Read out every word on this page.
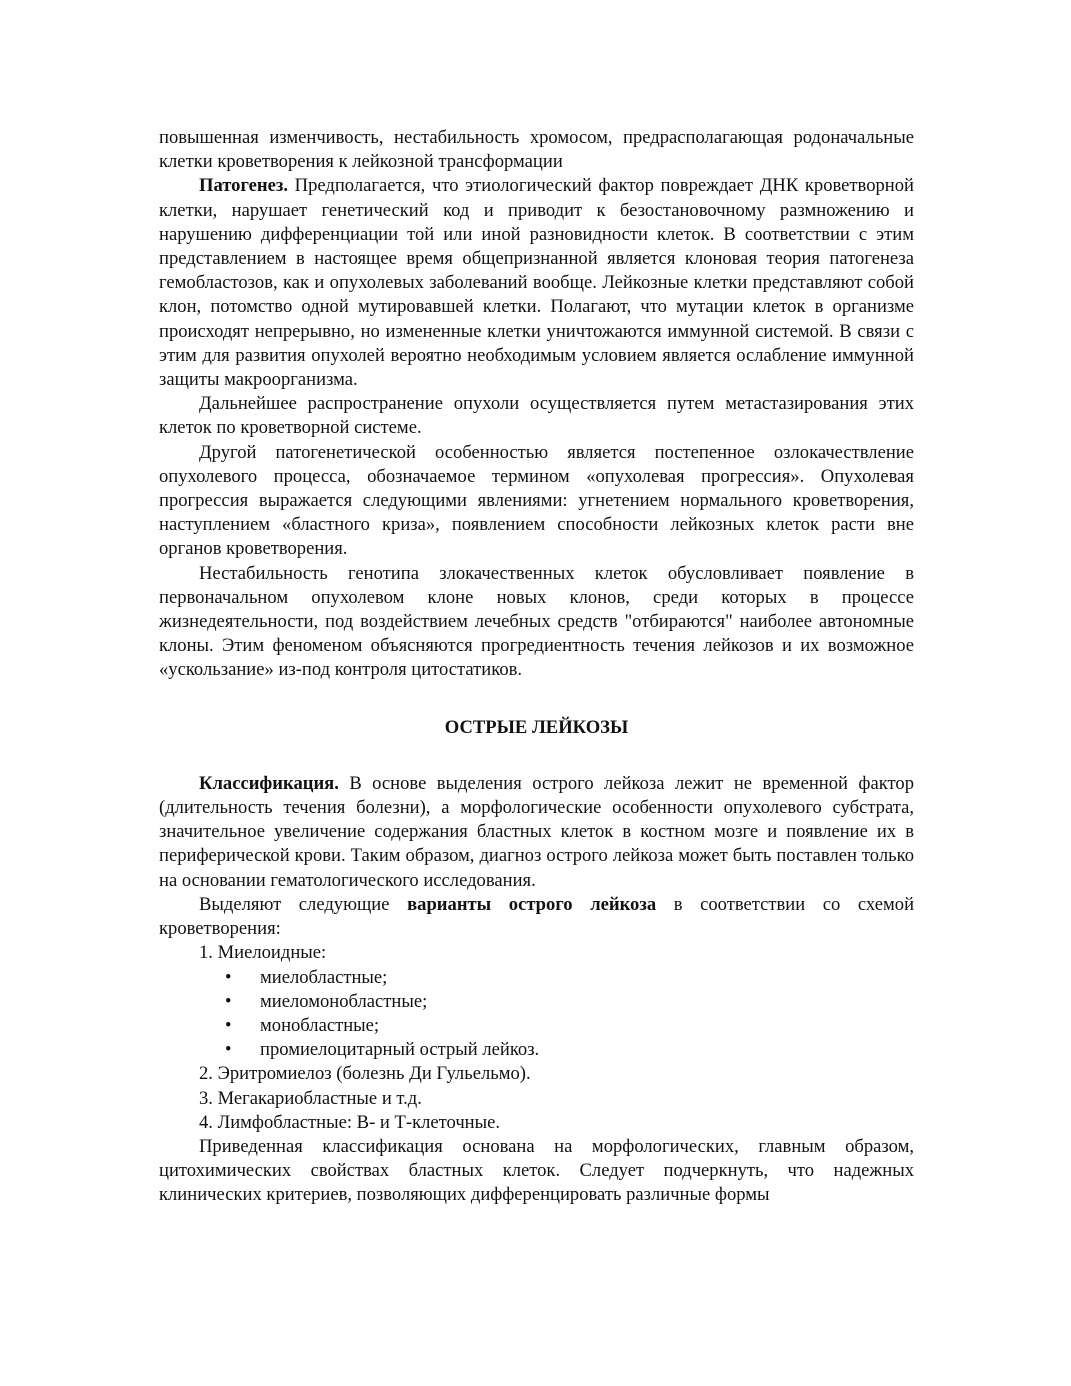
повышенная изменчивость, нестабильность хромосом, предрасполагающая родоначальные клетки кроветворения к лейкозной трансформации

Патогенез. Предполагается, что этиологический фактор повреждает ДНК кроветворной клетки, нарушает генетический код и приводит к безостановочному размножению и нарушению дифференциации той или иной разновидности клеток. В соответствии с этим представлением в настоящее время общепризнанной является клоновая теория патогенеза гемобластозов, как и опухолевых заболеваний вообще. Лейкозные клетки представляют собой клон, потомство одной мутировавшей клетки. Полагают, что мутации клеток в организме происходят непрерывно, но измененные клетки уничтожаются иммунной системой. В связи с этим для развития опухолей вероятно необходимым условием является ослабление иммунной защиты макроорганизма.

Дальнейшее распространение опухоли осуществляется путем метастазирования этих клеток по кроветворной системе.

Другой патогенетической особенностью является постепенное озлокачествление опухолевого процесса, обозначаемое термином «опухолевая прогрессия». Опухолевая прогрессия выражается следующими явлениями: угнетением нормального кроветворения, наступлением «бластного криза», появлением способности лейкозных клеток расти вне органов кроветворения.

Нестабильность генотипа злокачественных клеток обусловливает появление в первоначальном опухолевом клоне новых клонов, среди которых в процессе жизнедеятельности, под воздействием лечебных средств "отбираются" наиболее автономные клоны. Этим феноменом объясняются прогредиентность течения лейкозов и их возможное «ускользание» из-под контроля цитостатиков.

ОСТРЫЕ ЛЕЙКОЗЫ

Классификация. В основе выделения острого лейкоза лежит не временной фактор (длительность течения болезни), а морфологические особенности опухолевого субстрата, значительное увеличение содержания бластных клеток в костном мозге и появление их в периферической крови. Таким образом, диагноз острого лейкоза может быть поставлен только на основании гематологического исследования.

Выделяют следующие варианты острого лейкоза в соответствии со схемой кроветворения:

1. Миелоидные:

• миелобластные;
• миеломонобластные;
• монобластные;
• промиелоцитарный острый лейкоз.

2. Эритромиелоз (болезнь Ди Гульельмо).

3. Мегакариобластные и т.д.

4. Лимфобластные: В- и Т-клеточные.

Приведенная классификация основана на морфологических, главным образом, цитохимических свойствах бластных клеток. Следует подчеркнуть, что надежных клинических критериев, позволяющих дифференцировать различные формы
